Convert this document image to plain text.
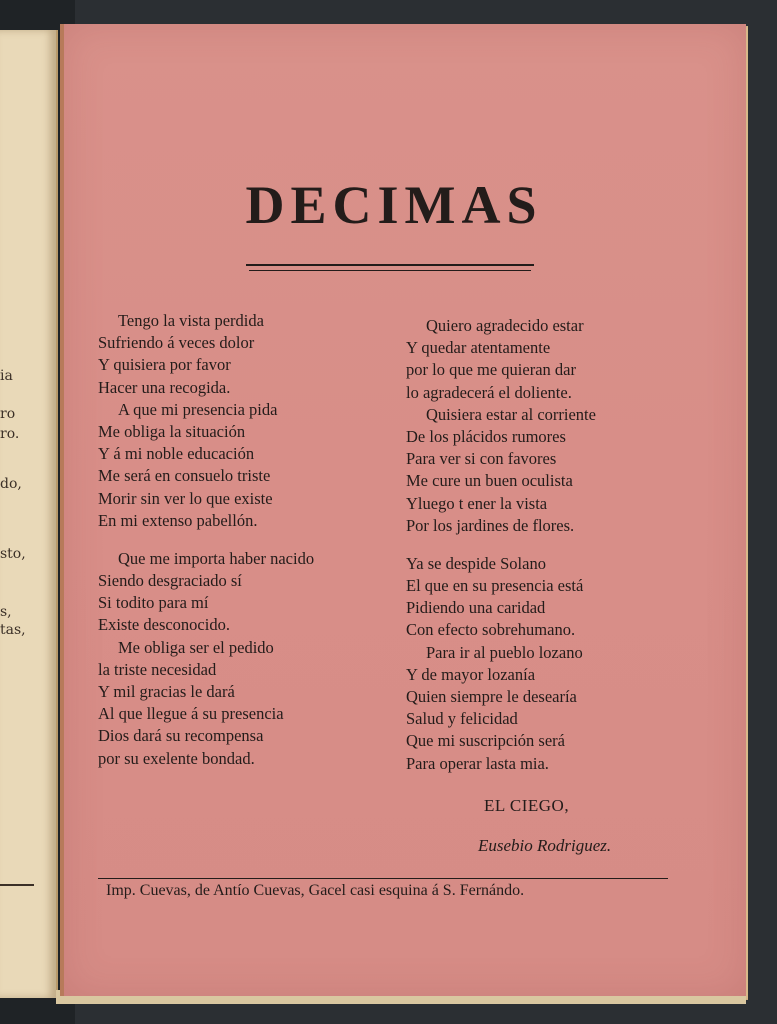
ia
ro
ro.
do,
sto,
s,
tas,
DECIMAS
Tengo la vista perdida
Sufriendo á veces dolor
Y quisiera por favor
Hacer una recogida.
A que mi presencia pida
Me obliga la situación
Y á mi noble educación
Me será en consuelo triste
Morir sin ver lo que existe
En mi extenso pabellón.
Que me importa haber nacido
Siendo desgraciado sí
Si todito para mí
Existe desconocido.
Me obliga ser el pedido
la triste necesidad
Y mil gracias le dará
Al que llegue á su presencia
Dios dará su recompensa
por su exelente bondad.
Quiero agradecido estar
Y quedar atentamente
por lo que me quieran dar
lo agradecerá el doliente.
Quisiera estar al corriente
De los plácidos rumores
Para ver si con favores
Me cure un buen oculista
Yluego t ener la vista
Por los jardines de flores.
Ya se despide Solano
El que en su presencia está
Pidiendo una caridad
Con efecto sobrehumano.
Para ir al pueblo lozano
Y de mayor lozanía
Quien siempre le desearía
Salud y felicidad
Que mi suscripción será
Para operar lasta mia.
EL CIEGO,
Eusebio Rodriguez.
Imp. Cuevas, de Antío Cuevas, Gacel casi esquina á S. Fernándo.
